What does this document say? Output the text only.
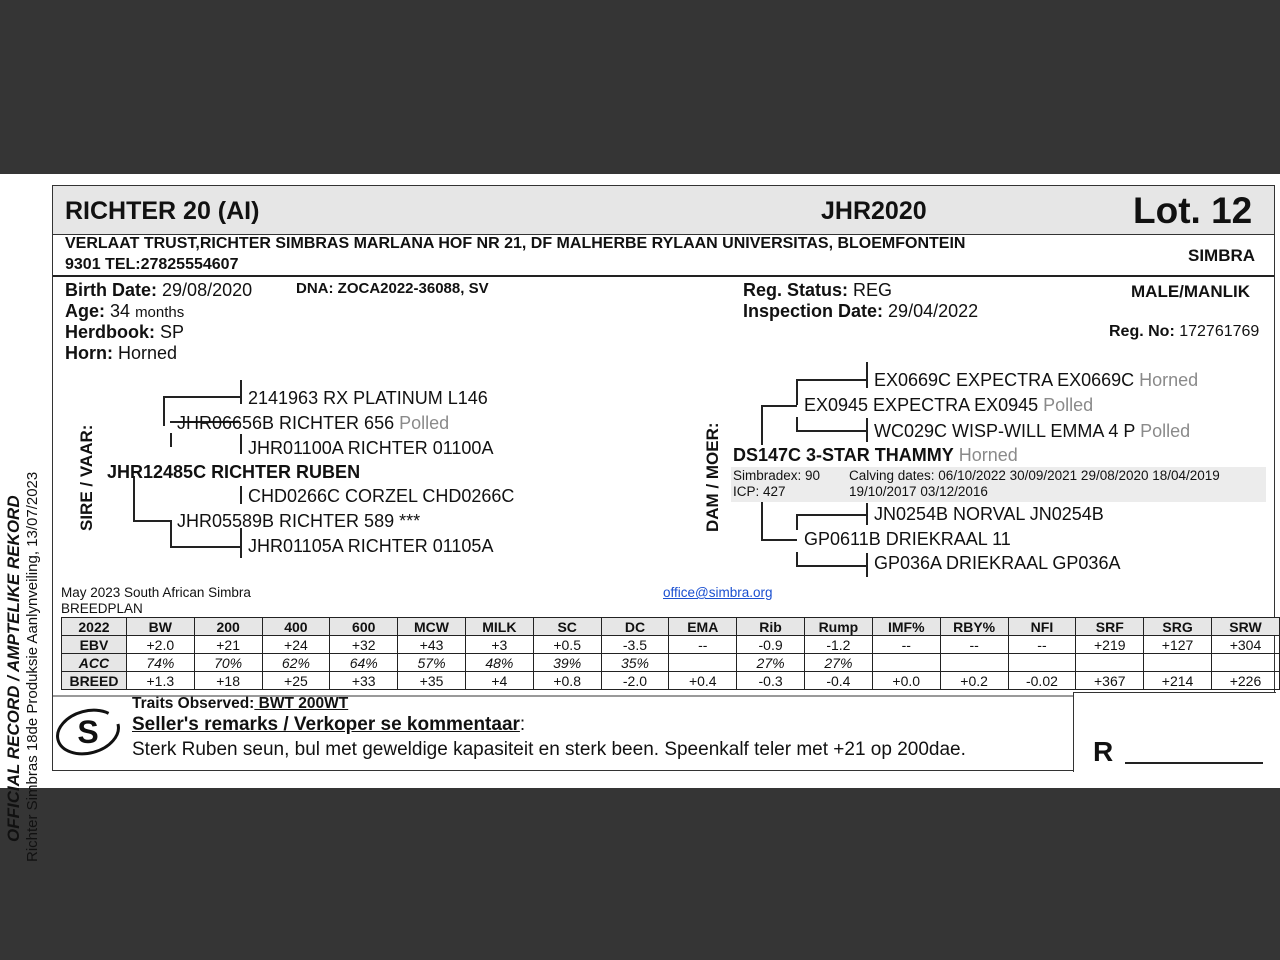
OFFICIAL RECORD / AMPTELIKE REKORD Richter Simbras 18de Produksie Aanlynveiling, 13/07/2023
RICHTER 20 (AI)	JHR2020	Lot. 12
VERLAAT TRUST,RICHTER SIMBRAS MARLANA HOF NR 21, DF MALHERBE RYLAAN UNIVERSITAS, BLOEMFONTEIN
9301 TEL:27825554607	SIMBRA
Birth Date: 29/08/2020	DNA: ZOCA2022-36088, SV
Age: 34 months
Herdbook: SP
Horn: Horned
Reg. Status: REG
Inspection Date: 29/04/2022
MALE/MANLIK
Reg. No: 172761769
SIRE / VAAR:
2141963 RX PLATINUM L146
JHR06656B RICHTER 656 Polled
JHR01100A RICHTER 01100A
JHR12485C RICHTER RUBEN
CHD0266C CORZEL CHD0266C
JHR05589B RICHTER 589 ***
JHR01105A RICHTER 01105A
DAM / MOER:
EX0669C EXPECTRA EX0669C Horned
EX0945 EXPECTRA EX0945 Polled
WC029C WISP-WILL EMMA 4 P Polled
DS147C 3-STAR THAMMY Horned
Simbradex: 90
ICP: 427
Calving dates: 06/10/2022 30/09/2021 29/08/2020 18/04/2019
19/10/2017 03/12/2016
JN0254B NORVAL JN0254B
GP0611B DRIEKRAAL 11
GP036A DRIEKRAAL GP036A
May 2023 South African Simbra
BREEDPLAN
office@simbra.org
S
Traits Observed: BWT 200WT
Seller's remarks / Verkoper se kommentaar:
Sterk Ruben seun, bul met geweldige kapasiteit en sterk been. Speenkalf teler met +21 op 200dae.	R
2022	BW	200	400	600	MCW	MILK	SC	DC	EMA	Rib	Rump	IMF%	RBY%	NFI	SRF	SRG	SRW
EBV	+2.0	+21	+24	+32	+43	+3	+0.5	-3.5	--	-0.9	-1.2	--	--	--	+219	+127	+304
ACC	74%	70%	62%	64%	57%	48%	39%	35%		27%	27%						
BREED	+1.3	+18	+25	+33	+35	+4	+0.8	-2.0	+0.4	-0.3	-0.4	+0.0	+0.2	-0.02	+367	+214	+226
